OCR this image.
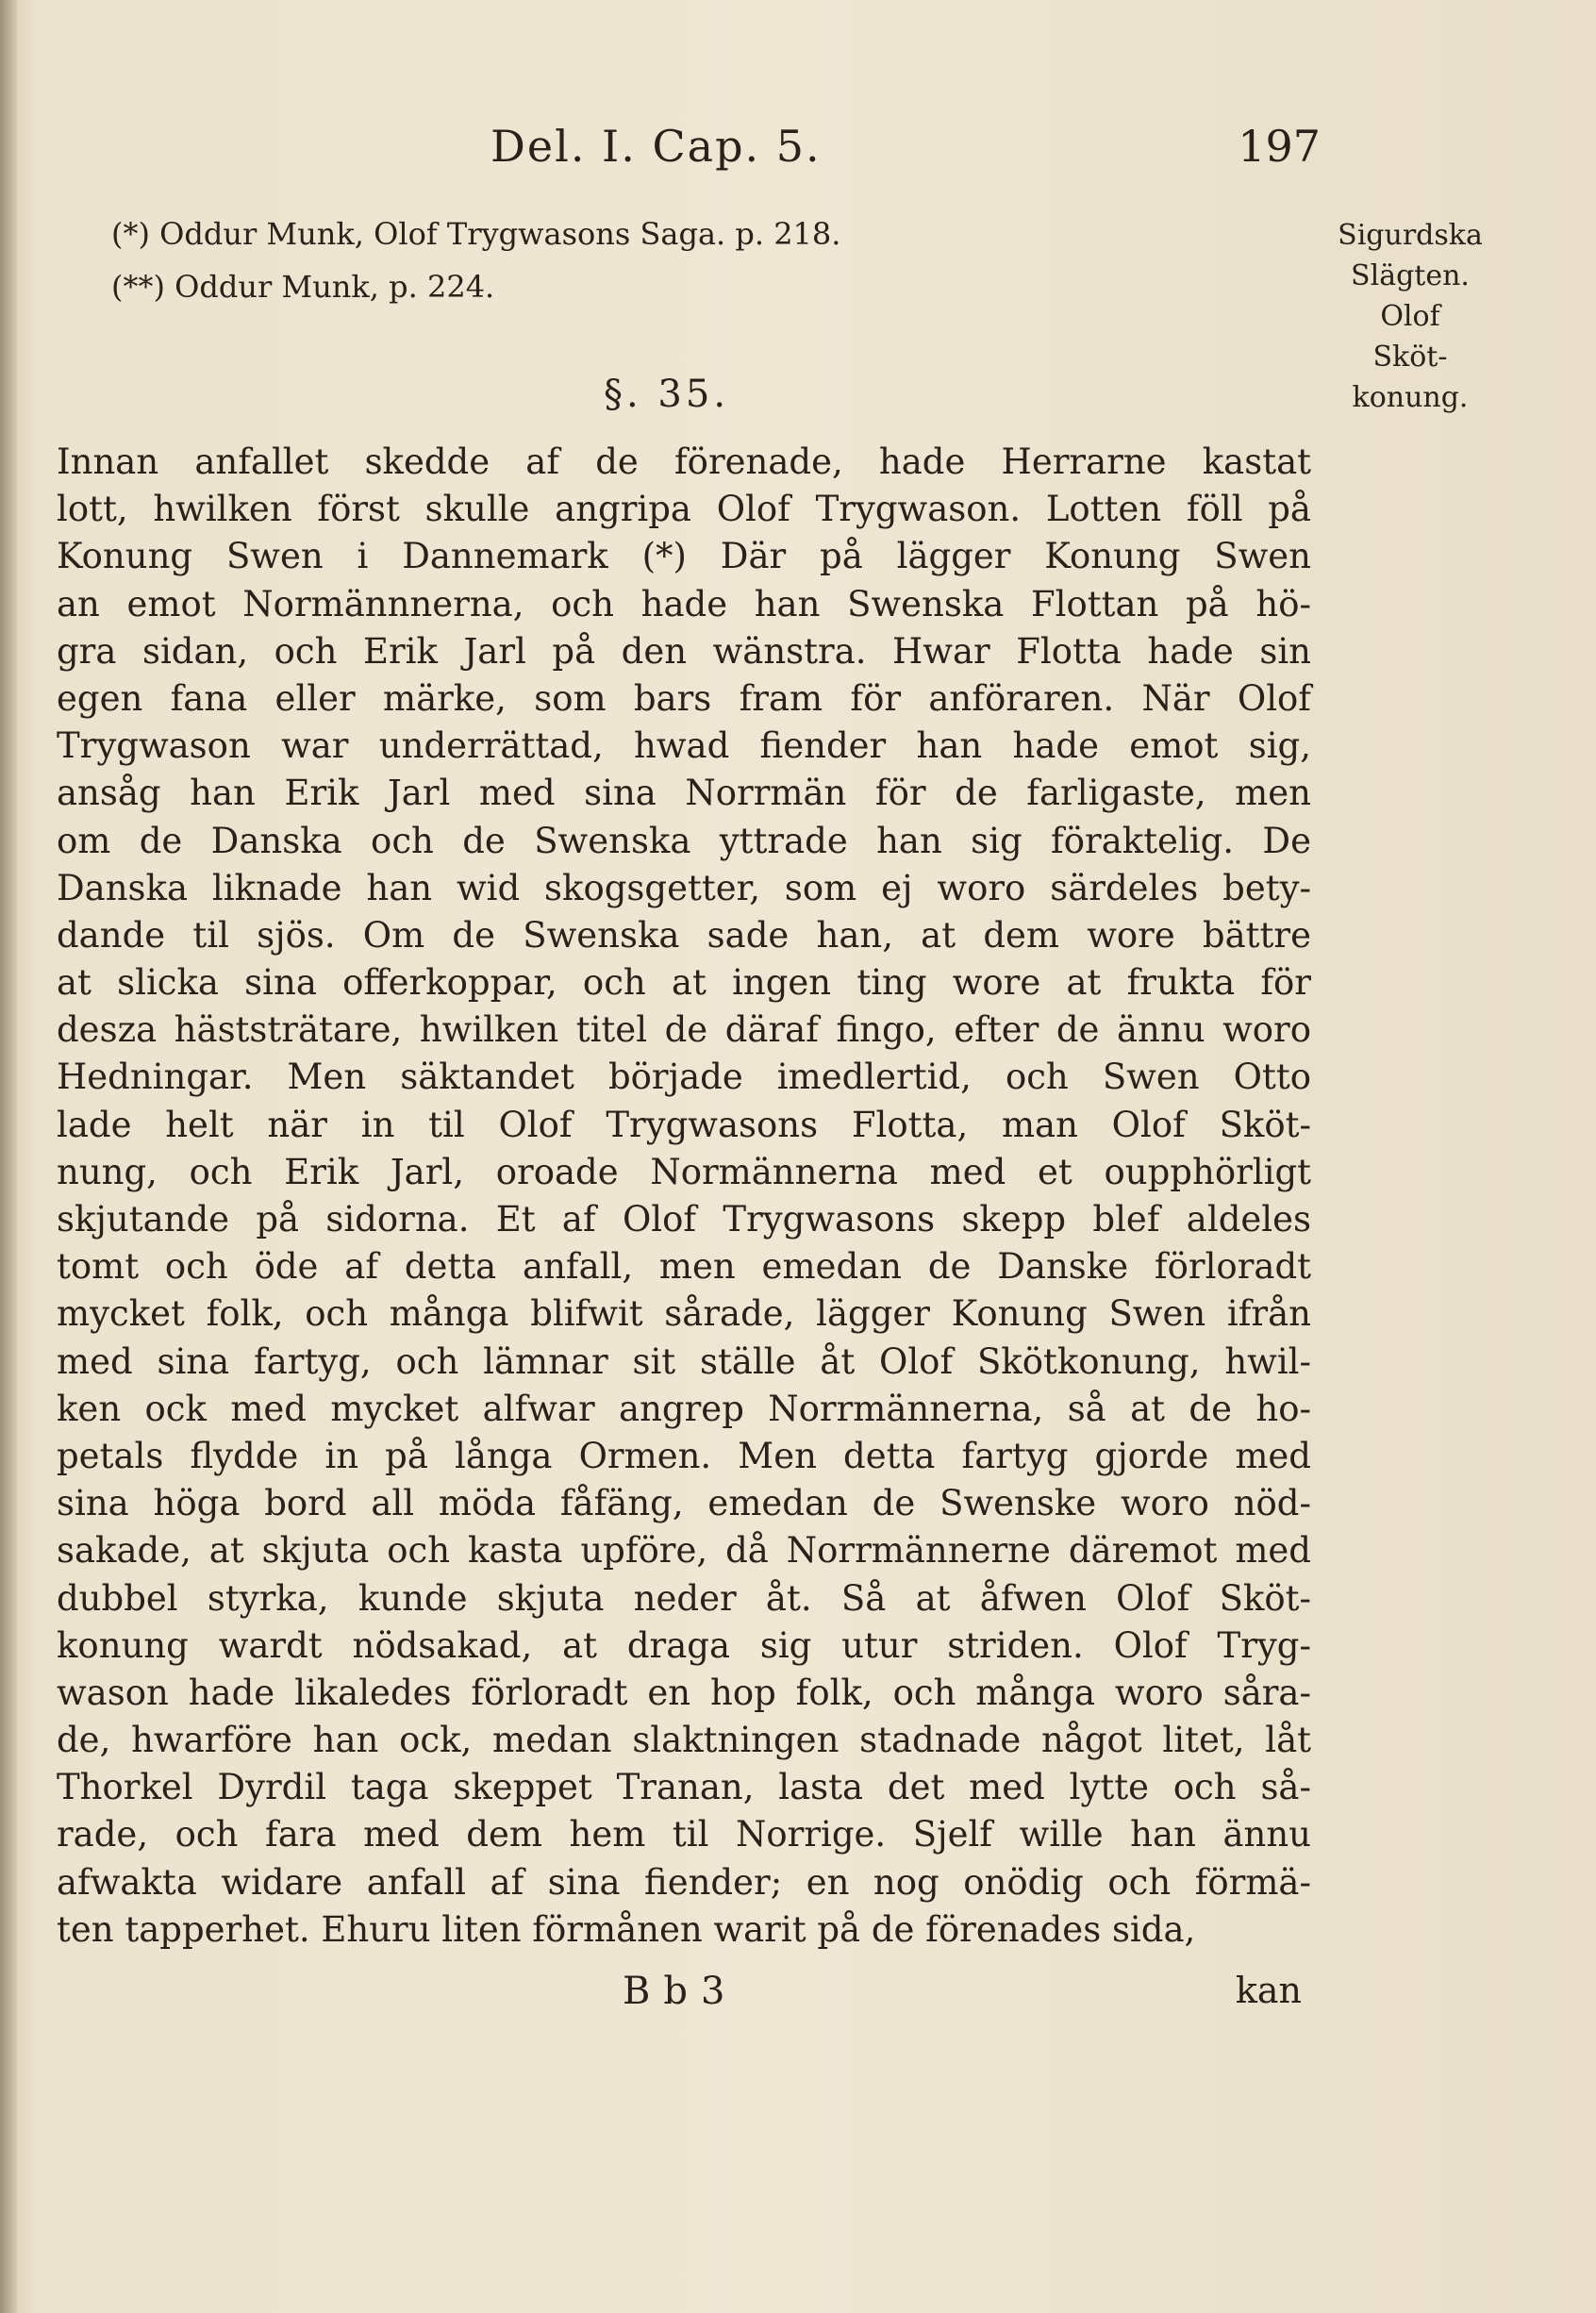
Del. I. Cap. 5.	197
(*) Oddur Munk, Olof Trygwasons Saga. p. 218.
(**) Oddur Munk, p. 224.
Sigurdska
Slägten.
Olof
Sköt-
konung.
§. 35.
Innan anfallet skedde af de förenade, hade Herrarne kastat
lott, hwilken först skulle angripa Olof Trygwason. Lotten föll på
Konung Swen i Dannemark (*) Där på lägger Konung Swen
an emot Normännnerna, och hade han Swenska Flottan på hö-
gra sidan, och Erik Jarl på den wänstra. Hwar Flotta hade sin
egen fana eller märke, som bars fram för anföraren. När Olof
Trygwason war underrättad, hwad fiender han hade emot sig,
ansåg han Erik Jarl med sina Norrmän för de farligaste, men
om de Danska och de Swenska yttrade han sig föraktelig. De
Danska liknade han wid skogsgetter, som ej woro särdeles bety-
dande til sjös. Om de Swenska sade han, at dem wore bättre
at slicka sina offerkoppar, och at ingen ting wore at frukta för
desza häststrätare, hwilken titel de däraf fingo, efter de ännu woro
Hedningar. Men säktandet började imedlertid, och Swen Otto
lade helt när in til Olof Trygwasons Flotta, man Olof Sköt-
nung, och Erik Jarl, oroade Normännerna med et oupphörligt
skjutande på sidorna. Et af Olof Trygwasons skepp blef aldeles
tomt och öde af detta anfall, men emedan de Danske förloradt
mycket folk, och många blifwit sårade, lägger Konung Swen ifrån
med sina fartyg, och lämnar sit ställe åt Olof Skötkonung, hwil-
ken ock med mycket alfwar angrep Norrmännerna, så at de ho-
petals flydde in på långa Ormen. Men detta fartyg gjorde med
sina höga bord all möda fåfäng, emedan de Swenske woro nöd-
sakade, at skjuta och kasta upföre, då Norrmännerne däremot med
dubbel styrka, kunde skjuta neder åt. Så at åfwen Olof Sköt-
konung wardt nödsakad, at draga sig utur striden. Olof Tryg-
wason hade likaledes förloradt en hop folk, och många woro såra-
de, hwarföre han ock, medan slaktningen stadnade något litet, låt
Thorkel Dyrdil taga skeppet Tranan, lasta det med lytte och så-
rade, och fara med dem hem til Norrige. Sjelf wille han ännu
afwakta widare anfall af sina fiender; en nog onödig och förmä-
ten tapperhet. Ehuru liten förmånen warit på de förenades sida,
Bb3	kan
